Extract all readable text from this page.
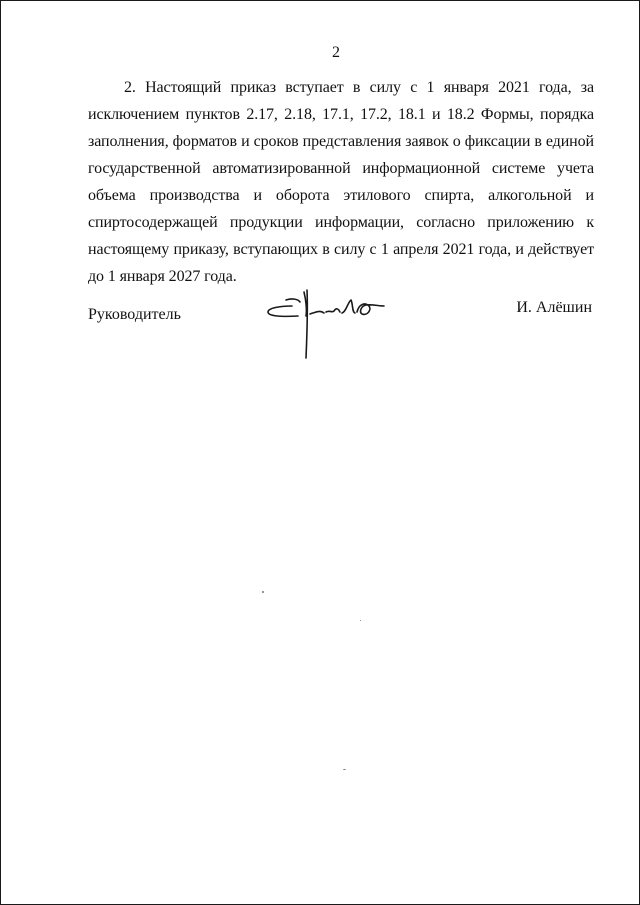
2

2. Настоящий приказ вступает в силу с 1 января 2021 года, за исключением пунктов 2.17, 2.18, 17.1, 17.2, 18.1 и 18.2 Формы, порядка заполнения, форматов и сроков представления заявок о фиксации в единой государственной автоматизированной информационной системе учета объема производства и оборота этилового спирта, алкогольной и спиртосодержащей продукции информации, согласно приложению к настоящему приказу, вступающих в силу с 1 апреля 2021 года, и действует до 1 января 2027 года.

Руководитель	И. Алёшин
